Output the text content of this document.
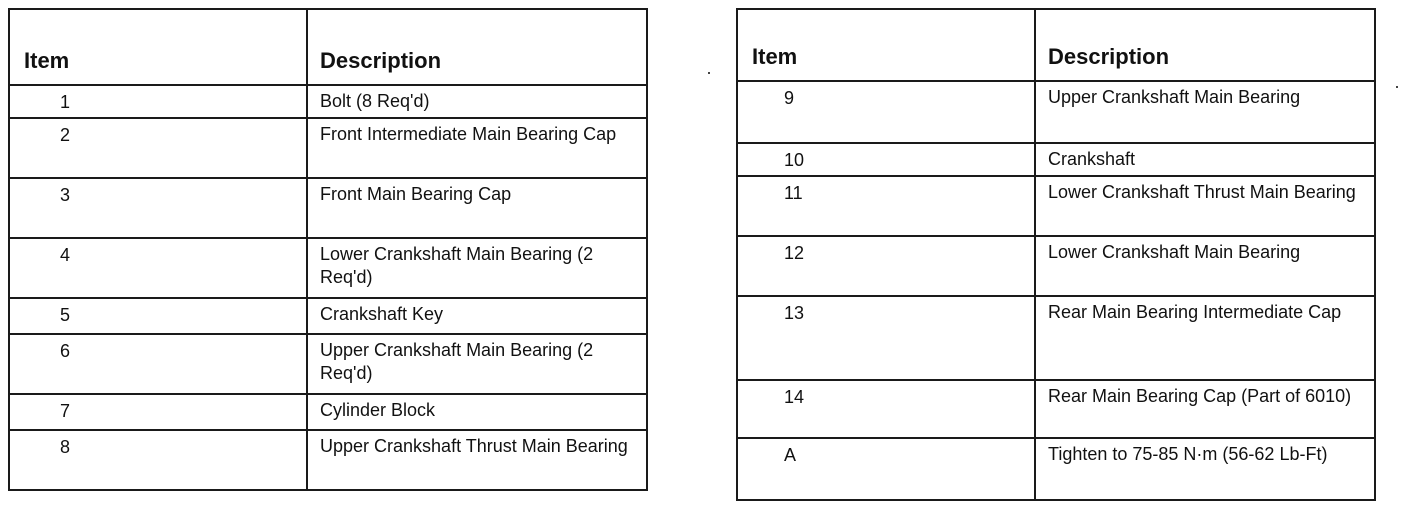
Item	Description
1	Bolt (8 Req'd)
2	Front Intermediate Main Bearing Cap
3	Front Main Bearing Cap
4	Lower Crankshaft Main Bearing (2 Req'd)
5	Crankshaft Key
6	Upper Crankshaft Main Bearing (2 Req'd)
7	Cylinder Block
8	Upper Crankshaft Thrust Main Bearing
Item	Description
9	Upper Crankshaft Main Bearing
10	Crankshaft
11	Lower Crankshaft Thrust Main Bearing
12	Lower Crankshaft Main Bearing
13	Rear Main Bearing Intermediate Cap
14	Rear Main Bearing Cap (Part of 6010)
A	Tighten to 75-85 N·m (56-62 Lb-Ft)
